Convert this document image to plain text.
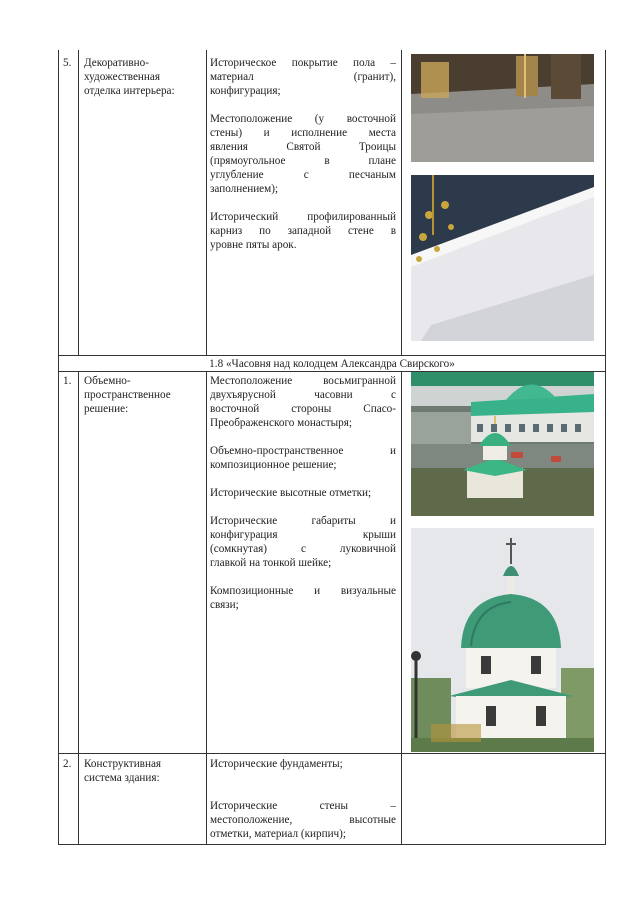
5. Декоративно-
художественная
отделка интерьера:

Историческое покрытие пола –
материал (гранит),
конфигурация;

Местоположение (у восточной
стены) и исполнение места
явления Святой Троицы
(прямоугольное в плане
углубление с песчаным
заполнением);

Исторический профилированный
карниз по западной стене в
уровне пяты арок.

1.8 «Часовня над колодцем Александра Свирского»
1. Объемно-
пространственное
решение:

Местоположение восьмигранной
двухъярусной часовни с
восточной стороны Спасо-
Преображенского монастыря;

Объемно-пространственное и
композиционное решение;

Исторические высотные отметки;

Исторические габариты и
конфигурация крыши
(сомкнутая) с луковичной
главкой на тонкой шейке;

Композиционные и визуальные
связи;

2. Конструктивная
система здания:

Исторические фундаменты;

Исторические стены –
местоположение, высотные
отметки, материал (кирпич);
